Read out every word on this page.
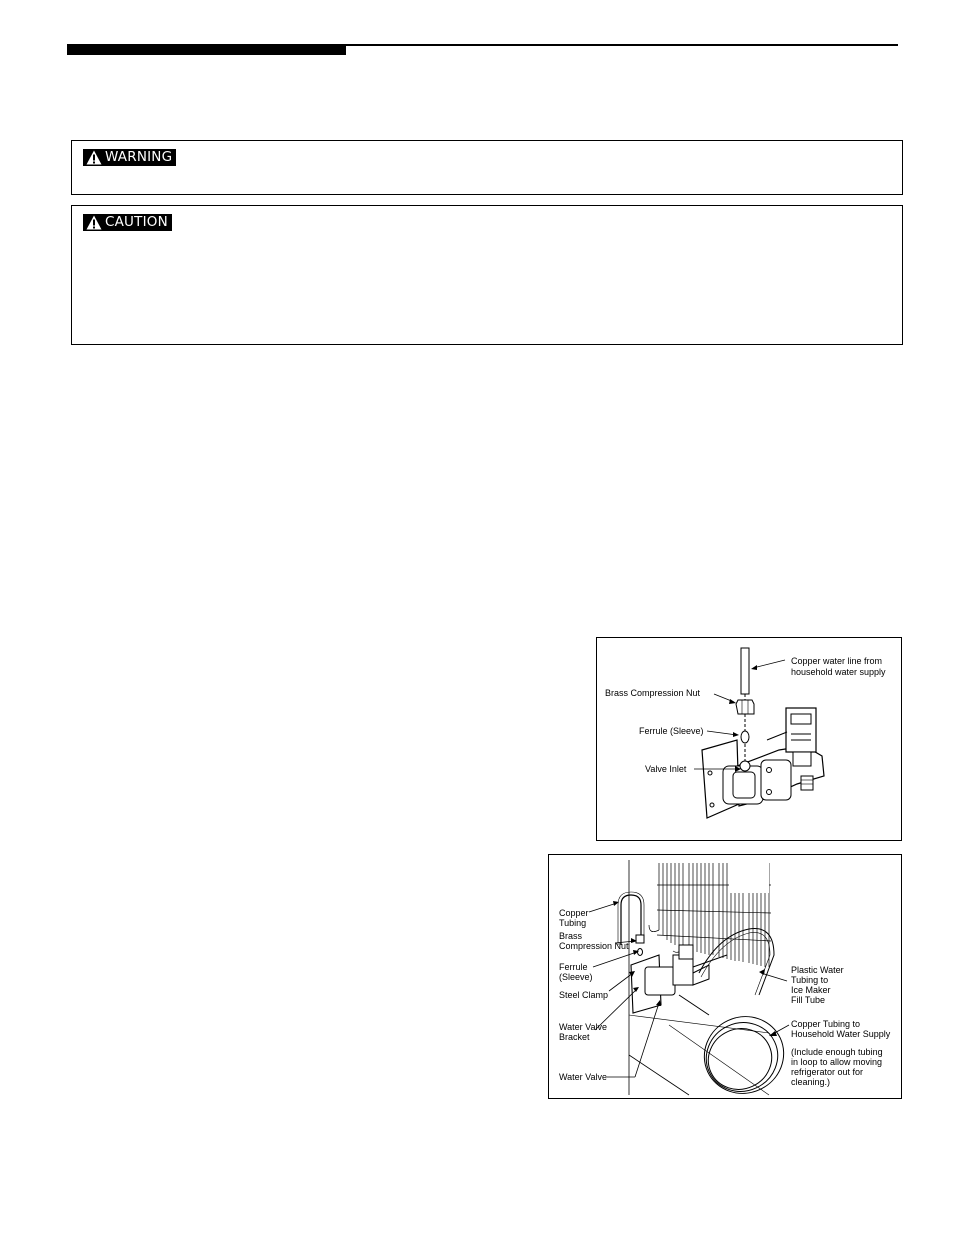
WARNING
CAUTION
Copper water line from
household water supply
Brass Compression Nut
Ferrule (Sleeve)
Valve Inlet
Copper
Tubing
Brass
Compression Nut
Ferrule
(Sleeve)
Steel Clamp
Water Valve
Bracket
Water Valve
Plastic Water
Tubing to
Ice Maker
Fill Tube
Copper Tubing to
Household Water Supply
(Include enough tubing
in loop to allow moving
refrigerator out for
cleaning.)
